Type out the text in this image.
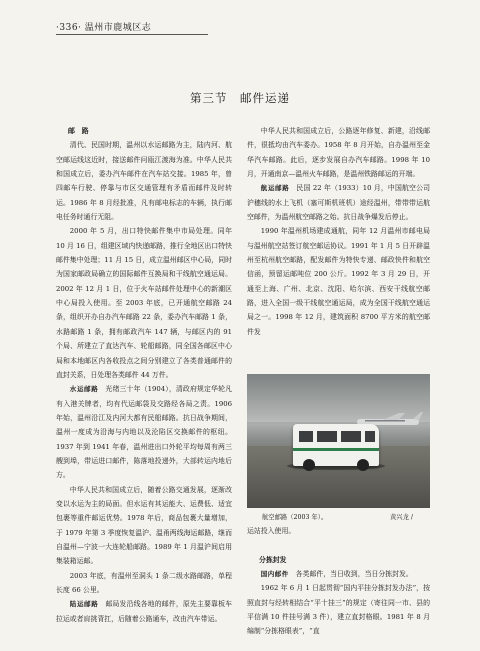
·336· 温州市鹿城区志
第三节　邮件运递

邮　路

清代、民国时期，温州以水运邮路为主，陆内河、航空邮运线这近时，接送邮件问瓯江渡海为准。中华人民共和国成立后，委办汽车邮件在汽车站交接。1985 年，曾四邮车行驶、停靠与市区交通管理有矛盾而邮件及时转运。1986 年 8 月经批准，凡有邮电标志的车辆，执行邮电任务时通行无阻。

2000 年 5 月，出口特快邮件集中市局处理。同年 10 月 16 日，组建区域内快递邮路，推行全地区出口特快邮件集中处理；11 月 15 日，成立温州邮区中心局，同时为国家邮政局确立的国际邮件互换局和干线航空通运局。2002 年 12 月 1 日，位于火车站邮件处理中心的新潮区中心局投入使用。至 2003 年底，已开通航空邮路 24 条，组织开办自办汽车邮路 22 条，委办汽车邮路 1 条，水路邮路 1 条，拥有邮政汽车 147 辆，与邮区内的 91 个局、所建立了直达汽车、轮船邮路，同全国各邮区中心局和本地邮区内各收投点之间分别建立了各类普通邮件的直封关系，日处理各类邮件 44 万件。

水运邮路　光绪三十年（1904），清政府规定华轮凡有入港关牌者，均有代运邮袋及交路经各局之责。1906 年始，温州沿江及内河大都有民船邮路。抗日战争期间，温州一度成为沿海与内地以及沦陷区交换邮件的枢纽。1937 年到 1941 年春，温州进出口外轮平均每周有两三艘到埠，带运进口邮件，陈落地投递外，大部转运内地后方。

中华人民共和国成立后，随着公路交通发展，逐渐改变以水运为主的局面。但水运有其运能大、运费低、适宜包裹等重件邮运优势。1978 年后，商品包裹大量增加，于 1979 年第 3 季度恢复温沪、温甬两线海运邮路，继而自温州—宁波一大连轮船邮路。1989 年 1 月温沪间启用集装箱运邮。

2003 年底，有温州至洞头 1 条二级水路邮路，单程长度 66 公里。

陆运邮路　邮局发沿线各地的邮件，原先主要靠板车拉运或者肩挑背扛，后随着公路通车，改由汽车带运。

中华人民共和国成立后，公路逐年修复、新建，沿线邮件，很抵均由汽车委办。1958 年 8 月开始，自办温州至金华汽车邮路。此后，逐步发展自办汽车邮路。1998 年 10 月，开通南京—温州火车邮路，是温州铁路邮运的开端。

航运邮路　民国 22 年（1933）10 月，中国航空公司沪穗线的水上飞机（塞可斯机班机）途经温州，带带带运航空邮件，为温州航空邮路之始。抗日战争爆发后停止。

1990 年温州机场建成通航，同年 12 月温州市邮电局与温州航空站签订航空邮运协议。1991 年 1 月 5 日开辟温州至杭州航空邮路，配发邮件为特快专递、邮政快件和航空信函，预留运邮吨位 200 公斤。1992 年 3 月 29 日，开通至上海、广州、北京、沈阳、哈尔滨、西安干线航空邮路，进入全国一级干线航空通运局，成为全国干线航空通运局之一。1998 年 12 月，建筑面积 8700 平方米的航空邮件发

航空邮路（2003 年）。	黄兴龙 /

运站投入使用。

分拣封发

国内邮件　各类邮件，当日收到，当日分拣封发。

1962 年 6 月 1 日起贯彻“国内平挂分拣封发办法”，按照直封与经转相结合“平十挂三”的规定（寄往同一市、县的平信满 10 件挂号满 3 件），建立直封格眼。1981 年 8 月编制“分拣格眼表”，“直
